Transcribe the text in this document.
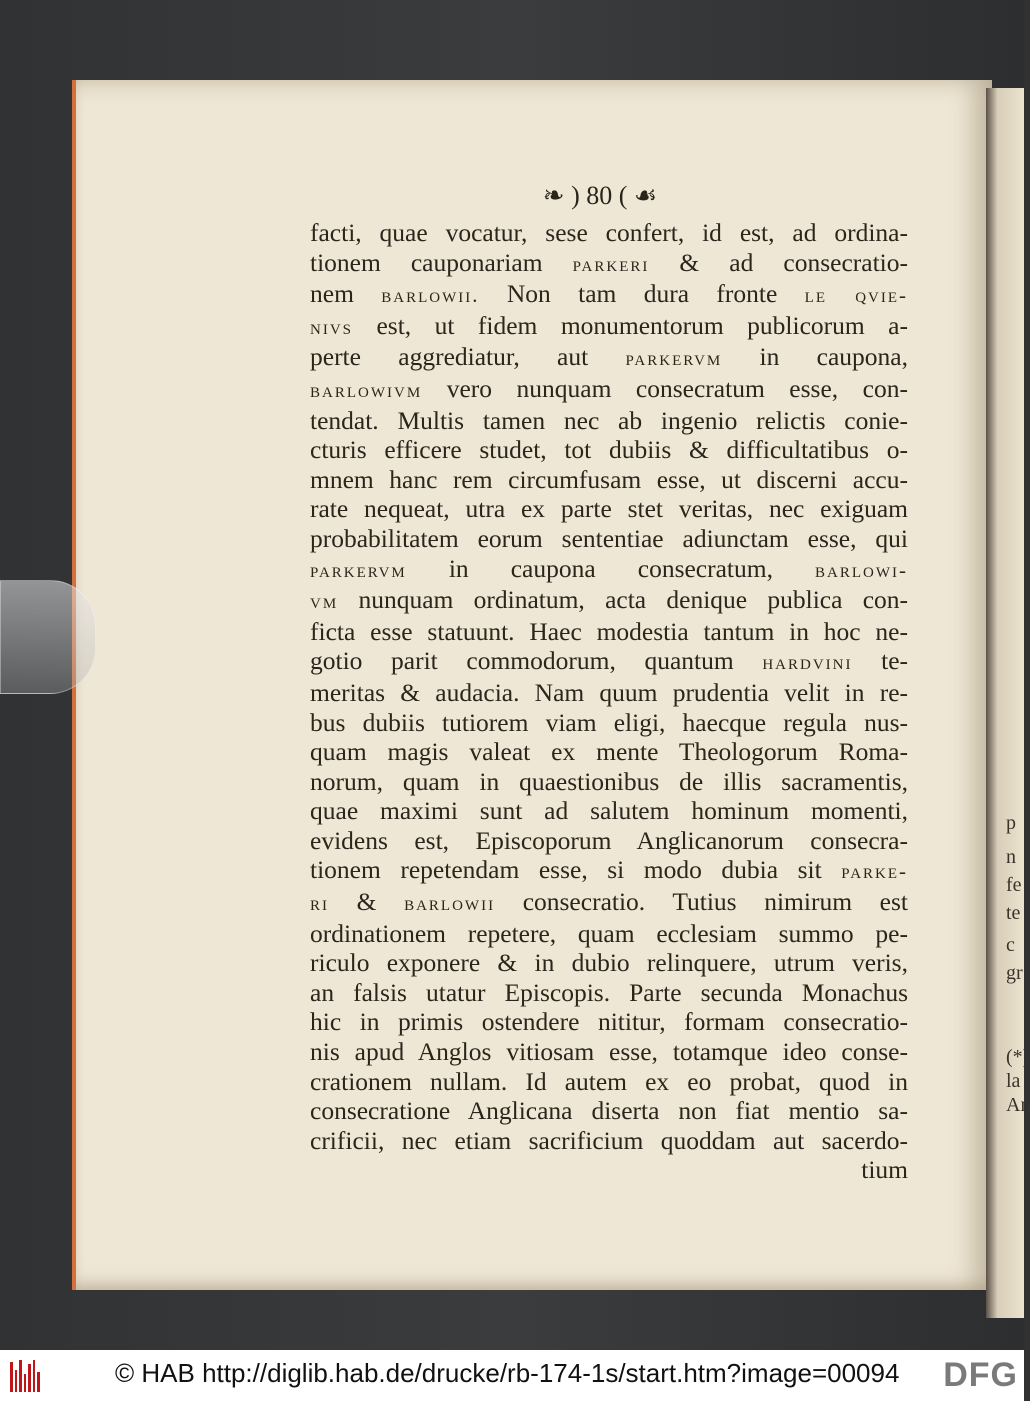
p
n
fe
te
c
gr
(*)
la
An
❧ ) 80 ( ☙
facti, quae vocatur, sese confert, id est, ad ordina-
tionem cauponariam parkeri & ad consecratio-
nem barlowii. Non tam dura fronte le qvie-
nivs est, ut fidem monumentorum publicorum a-
perte aggrediatur, aut parkervm in caupona,
barlowivm vero nunquam consecratum esse, con-
tendat. Multis tamen nec ab ingenio relictis conie-
cturis efficere studet, tot dubiis & difficultatibus o-
mnem hanc rem circumfusam esse, ut discerni accu-
rate nequeat, utra ex parte stet veritas, nec exiguam
probabilitatem eorum sententiae adiunctam esse, qui
parkervm in caupona consecratum, barlowi-
vm nunquam ordinatum, acta denique publica con-
ficta esse statuunt. Haec modestia tantum in hoc ne-
gotio parit commodorum, quantum hardvini te-
meritas & audacia. Nam quum prudentia velit in re-
bus dubiis tutiorem viam eligi, haecque regula nus-
quam magis valeat ex mente Theologorum Roma-
norum, quam in quaestionibus de illis sacramentis,
quae maximi sunt ad salutem hominum momenti,
evidens est, Episcoporum Anglicanorum consecra-
tionem repetendam esse, si modo dubia sit parke-
ri & barlowii consecratio. Tutius nimirum est
ordinationem repetere, quam ecclesiam summo pe-
riculo exponere & in dubio relinquere, utrum veris,
an falsis utatur Episcopis. Parte secunda Monachus
hic in primis ostendere nititur, formam consecratio-
nis apud Anglos vitiosam esse, totamque ideo conse-
crationem nullam. Id autem ex eo probat, quod in
consecratione Anglicana diserta non fiat mentio sa-
crificii, nec etiam sacrificium quoddam aut sacerdo-
tium
© HAB http://diglib.hab.de/drucke/rb-174-1s/start.htm?image=00094 DFG
